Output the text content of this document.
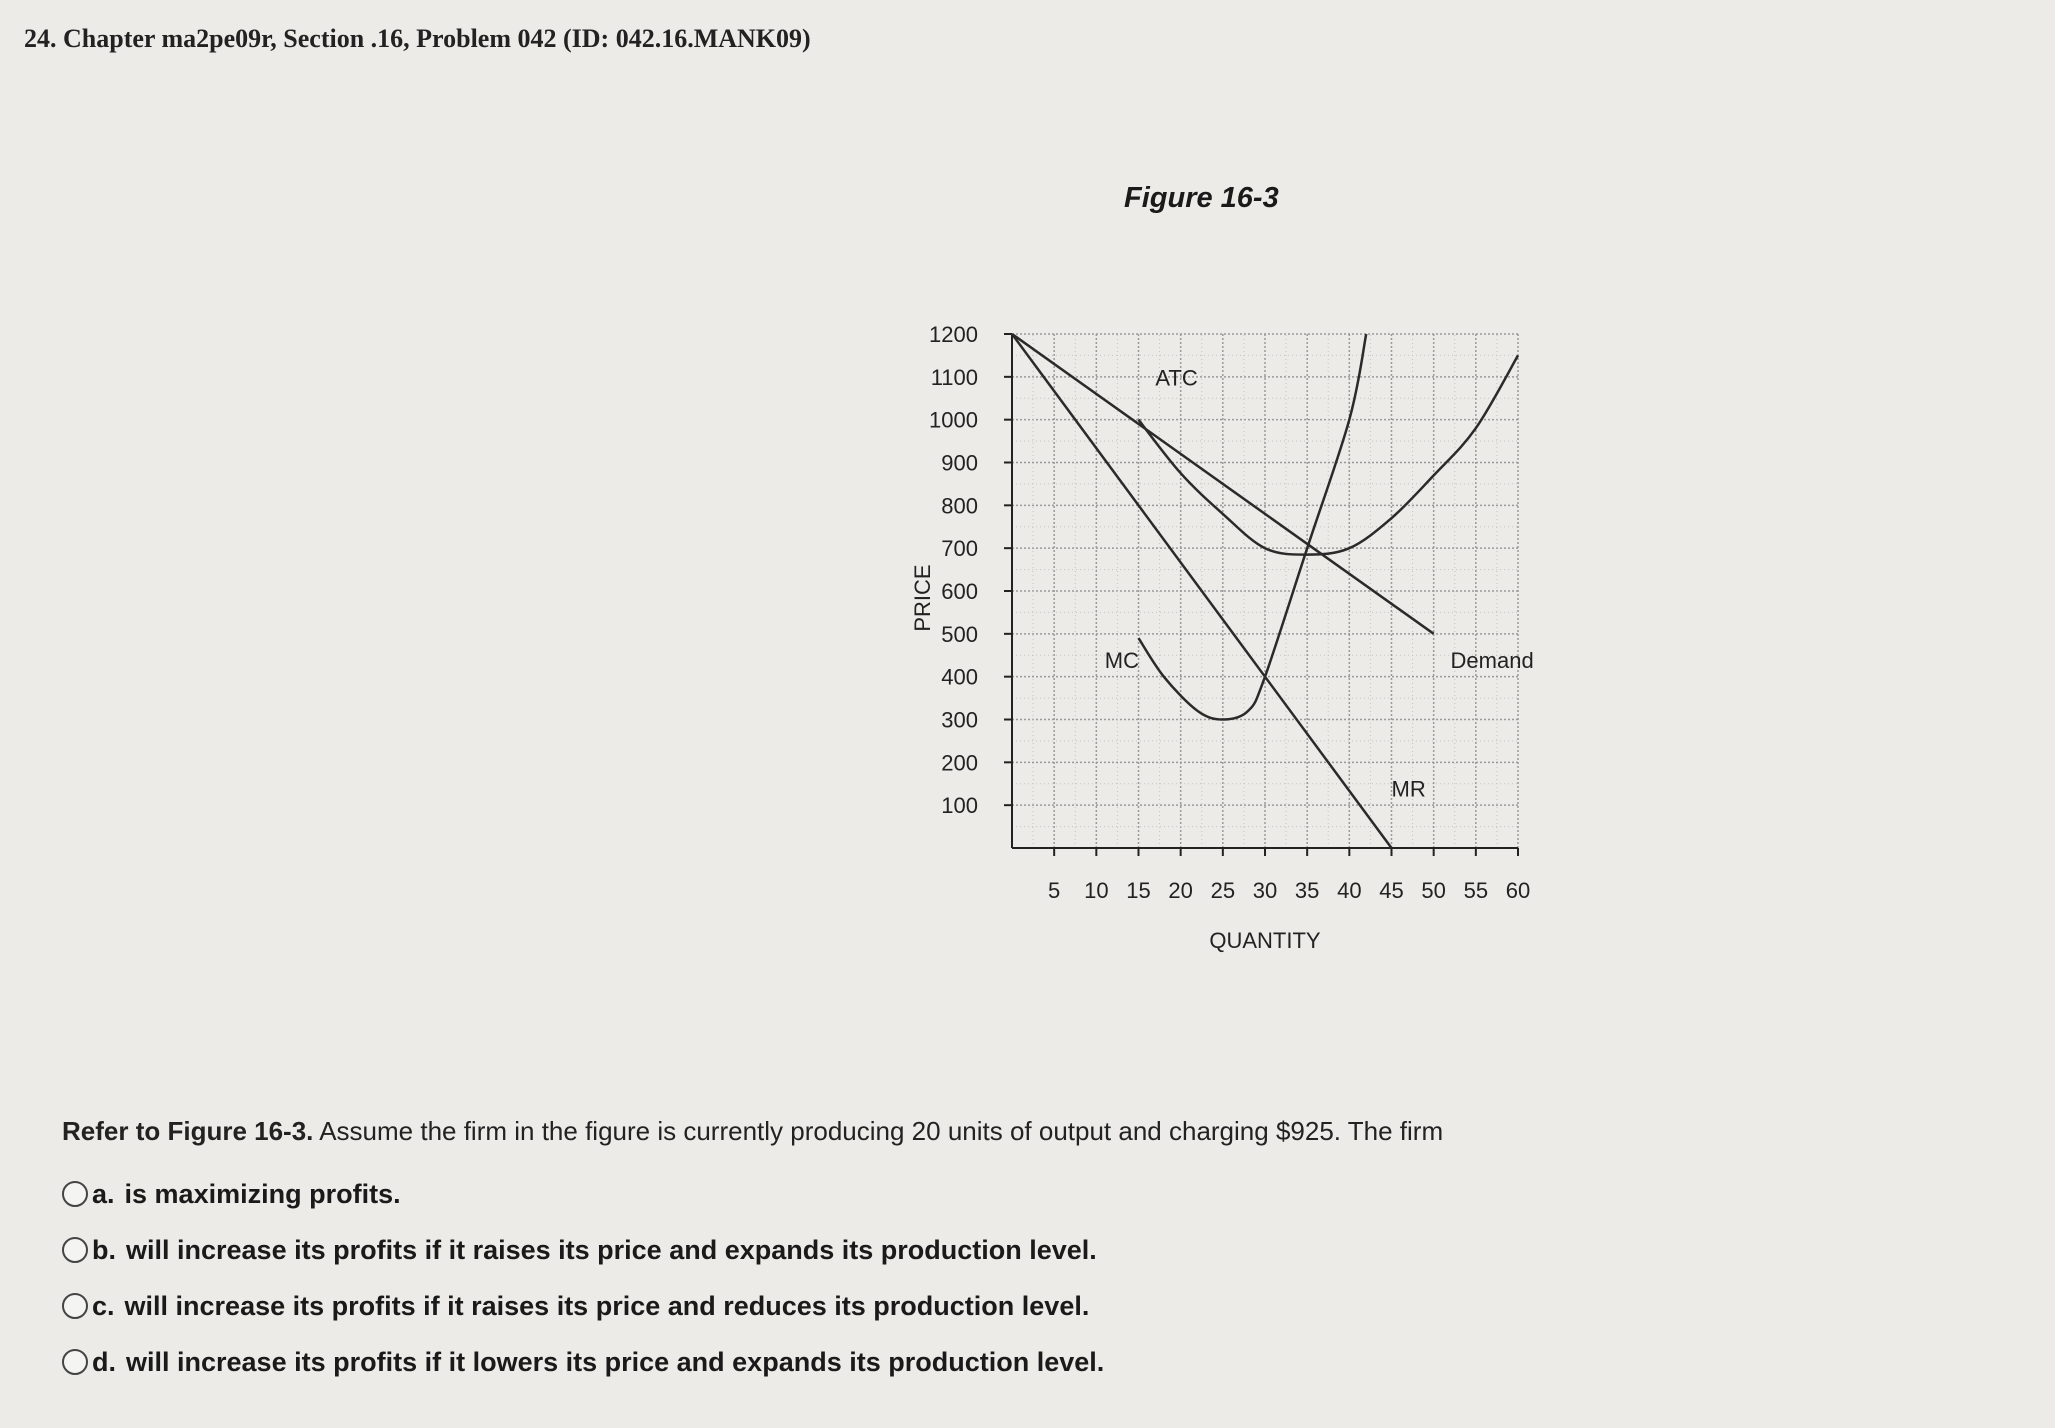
24. Chapter ma2pe09r, Section .16, Problem 042 (ID: 042.16.MANK09)
Figure 16-3
5 10 15 20 25 30 35 40 45 50 55 60
100
200
300
400
500
600
700
800
900
1000
1100
1200
QUANTITY
PRICE
Demand
MR
ATC
MC
Refer to Figure 16-3. Assume the firm in the figure is currently producing 20 units of output and charging $925. The firm
a. is maximizing profits.
b. will increase its profits if it raises its price and expands its production level.
c. will increase its profits if it raises its price and reduces its production level.
d. will increase its profits if it lowers its price and expands its production level.
